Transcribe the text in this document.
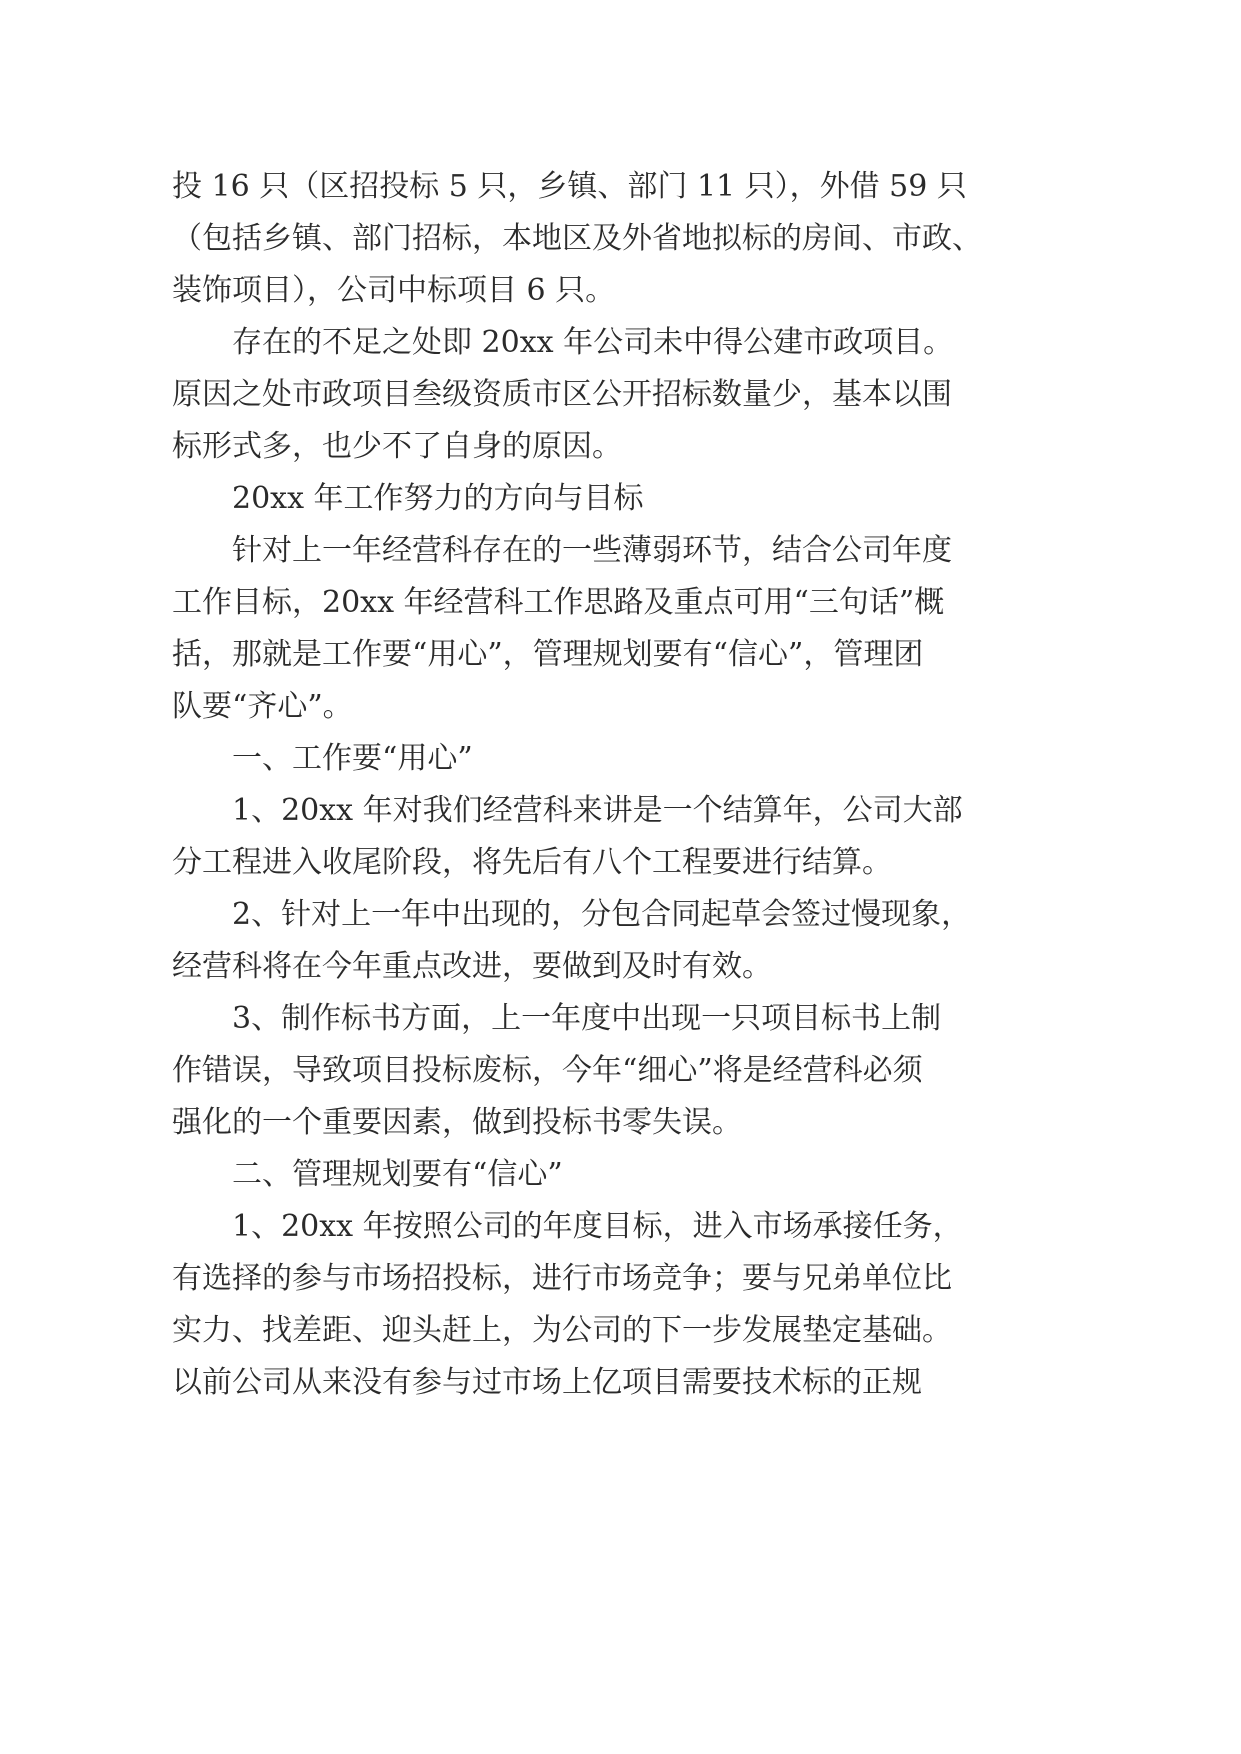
投 16 只（区招投标 5 只，乡镇、部门 11 只），外借 59 只

（包括乡镇、部门招标，本地区及外省地拟标的房间、市政、

装饰项目），公司中标项目 6 只。

存在的不足之处即 20xx 年公司未中得公建市政项目。

原因之处市政项目叁级资质市区公开招标数量少，基本以围

标形式多，也少不了自身的原因。

20xx 年工作努力的方向与目标

针对上一年经营科存在的一些薄弱环节，结合公司年度

工作目标，20xx 年经营科工作思路及重点可用“三句话”概

括，那就是工作要“用心”，管理规划要有“信心”，管理团

队要“齐心”。

一、工作要“用心”

1、20xx 年对我们经营科来讲是一个结算年，公司大部

分工程进入收尾阶段，将先后有八个工程要进行结算。

2、针对上一年中出现的，分包合同起草会签过慢现象，

经营科将在今年重点改进，要做到及时有效。

3、制作标书方面，上一年度中出现一只项目标书上制

作错误，导致项目投标废标，今年“细心”将是经营科必须

强化的一个重要因素，做到投标书零失误。

二、管理规划要有“信心”

1、20xx 年按照公司的年度目标，进入市场承接任务，

有选择的参与市场招投标，进行市场竞争；要与兄弟单位比

实力、找差距、迎头赶上，为公司的下一步发展垫定基础。

以前公司从来没有参与过市场上亿项目需要技术标的正规
